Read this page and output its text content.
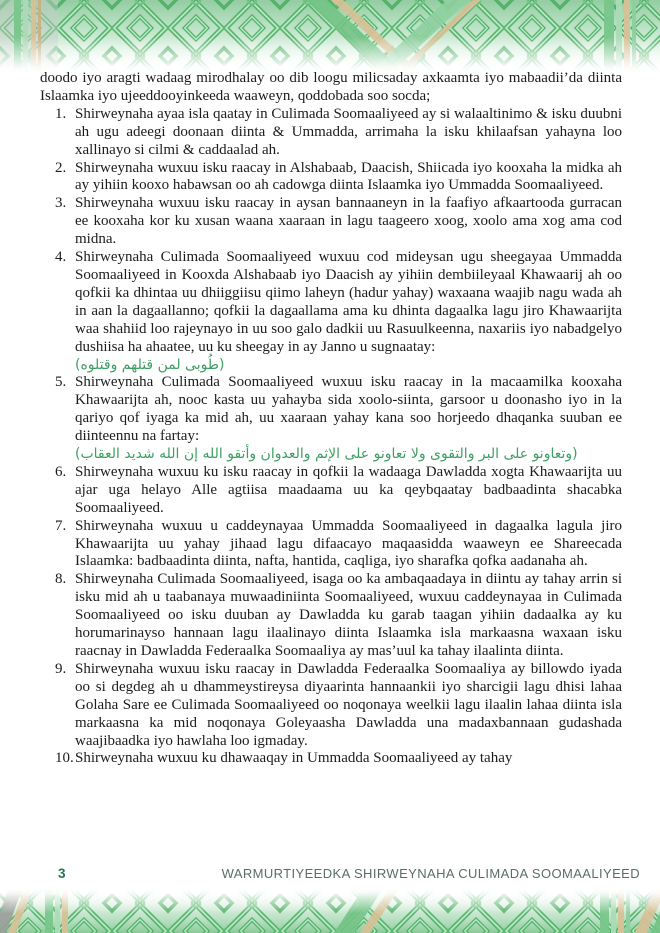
doodo iyo aragti wadaag mirodhalay oo dib loogu milicsaday axkaamta iyo mabaadii’da diinta Islaamka iyo ujeeddooyinkeeda waaweyn, qoddobada soo socda;

1. Shirweynaha ayaa isla qaatay in Culimada Soomaaliyeed ay si walaaltinimo & isku duubni ah ugu adeegi doonaan diinta & Ummadda, arrimaha la isku khilaafsan yahayna loo xallinayo si cilmi & caddaalad ah.
2. Shirweynaha wuxuu isku raacay in Alshabaab, Daacish, Shiicada iyo kooxaha la midka ah ay yihiin kooxo habawsan oo ah cadowga diinta Islaamka iyo Ummadda Soomaaliyeed.
3. Shirweynaha wuxuu isku raacay in aysan bannaaneyn in la faafiyo afkaartooda gurracan ee kooxaha kor ku xusan waana xaaraan in lagu taageero xoog, xoolo ama xog ama cod midna.
4. Shirweynaha Culimada Soomaaliyeed wuxuu cod mideysan ugu sheegayaa Ummadda Soomaaliyeed in Kooxda Alshabaab iyo Daacish ay yihiin dembiileyaal Khawaarij ah oo qofkii ka dhintaa uu dhiiggiisu qiimo laheyn (hadur yahay) waxaana waajib nagu wada ah in aan la dagaallanno; qofkii la dagaallama ama ku dhinta dagaalka lagu jiro Khawaarijta waa shahiid loo rajeynayo in uu soo galo dadkii uu Rasuulkeenna, naxariis iyo nabadgelyo dushiisa ha ahaatee, uu ku sheegay in ay Janno u sugnaatay:
(طُوبى لمن قتلهم وقتلوه)
5. Shirweynaha Culimada Soomaaliyeed wuxuu isku raacay in la macaamilka kooxaha Khawaarijta ah, nooc kasta uu yahayba sida xoolo-siinta, garsoor u doonasho iyo in la qariyo qof iyaga ka mid ah, uu xaaraan yahay kana soo horjeedo dhaqanka suuban ee diinteennu na fartay:
(وتعاونو على البر والتقوى ولا تعاونو على الإثم والعدوان وأتقو الله إن الله شديد العقاب)
6. Shirweynaha wuxuu ku isku raacay in qofkii la wadaaga Dawladda xogta Khawaarijta uu ajar uga helayo Alle agtiisa maadaama uu ka qeybqaatay badbaadinta shacabka Soomaaliyeed.
7. Shirweynaha wuxuu u caddeynayaa Ummadda Soomaaliyeed in dagaalka lagula jiro Khawaarijta uu yahay jihaad lagu difaacayo maqaasidda waaweyn ee Shareecada Islaamka: badbaadinta diinta, nafta, hantida, caqliga, iyo sharafka qofka aadanaha ah.
8. Shirweynaha Culimada Soomaaliyeed, isaga oo ka ambaqaadaya in diintu ay tahay arrin si isku mid ah u taabanaya muwaadiniinta Soomaaliyeed, wuxuu caddeynayaa in Culimada Soomaaliyeed oo isku duuban ay Dawladda ku garab taagan yihiin dadaalka ay ku horumarinayso hannaan lagu ilaalinayo diinta Islaamka isla markaasna waxaan isku raacnay in Dawladda Federaalka Soomaaliya ay mas’uul ka tahay ilaalinta diinta.
9. Shirweynaha wuxuu isku raacay in Dawladda Federaalka Soomaaliya ay billowdo iyada oo si degdeg ah u dhammeystireysa diyaarinta hannaankii iyo sharcigii lagu dhisi lahaa Golaha Sare ee Culimada Soomaaliyeed oo noqonaya weelkii lagu ilaalin lahaa diinta isla markaasna ka mid noqonaya Goleyaasha Dawladda una madaxbannaan gudashada waajibaadka iyo hawlaha loo igmaday.
10. Shirweynaha wuxuu ku dhawaaqay in Ummadda Soomaaliyeed ay tahay
3	WARMURTIYEEDKA SHIRWEYNAHA CULIMADA SOOMAALIYEED
